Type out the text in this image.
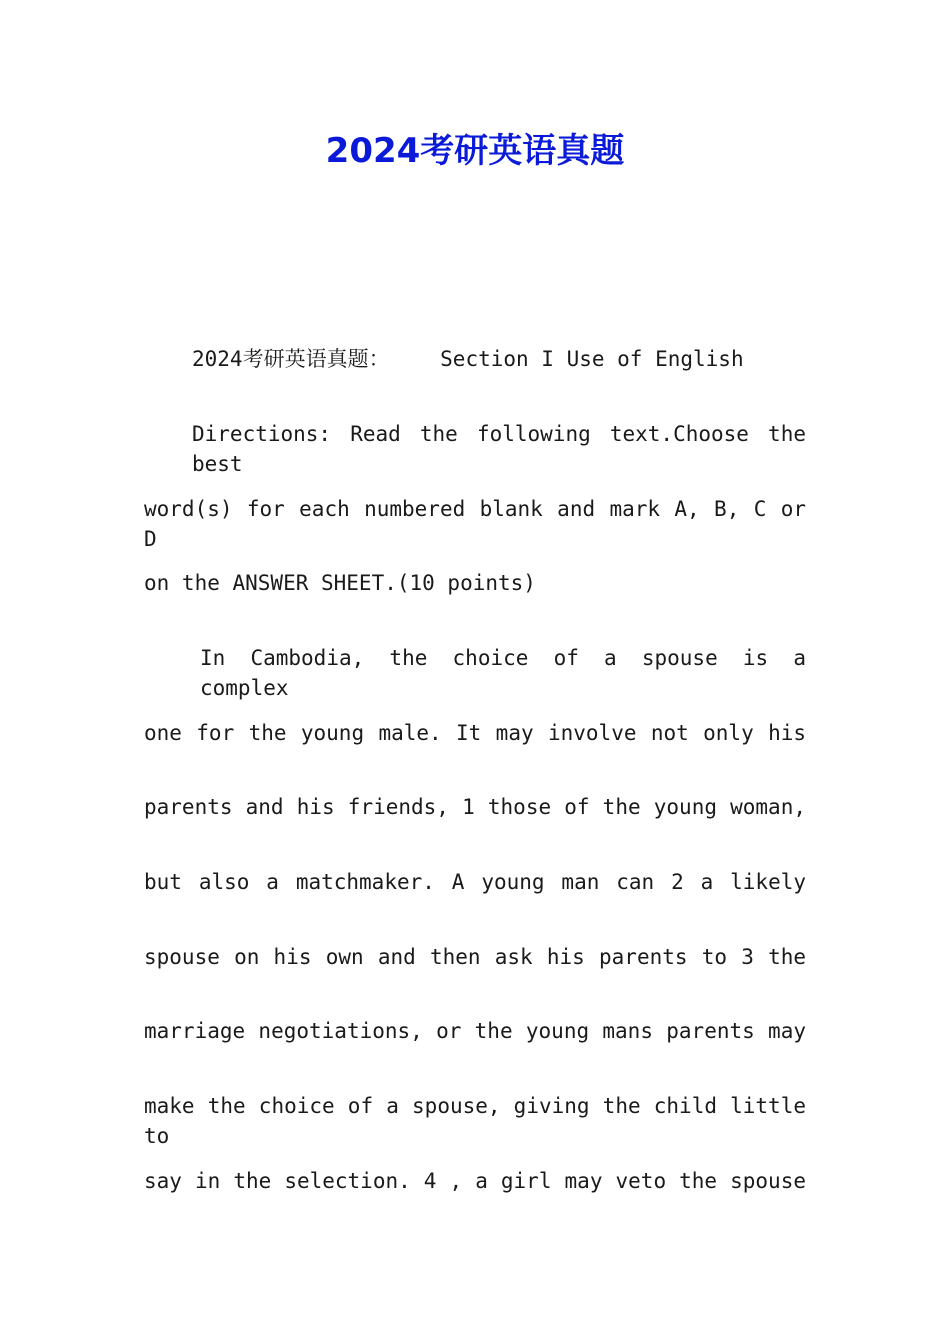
2024考研英语真题
2024考研英语真题： Section I Use of English
Directions: Read the following text.Choose the best
word(s) for each numbered blank and mark A, B, C or D
on the ANSWER SHEET.(10 points)
In Cambodia, the choice of a spouse is a complex
one for the young male. It may involve not only his
parents and his friends, 1 those of the young woman,
but also a matchmaker. A young man can 2 a likely
spouse on his own and then ask his parents to 3 the
marriage negotiations, or the young mans parents may
make the choice of a spouse, giving the child little to
say in the selection. 4 , a girl may veto the spouse
